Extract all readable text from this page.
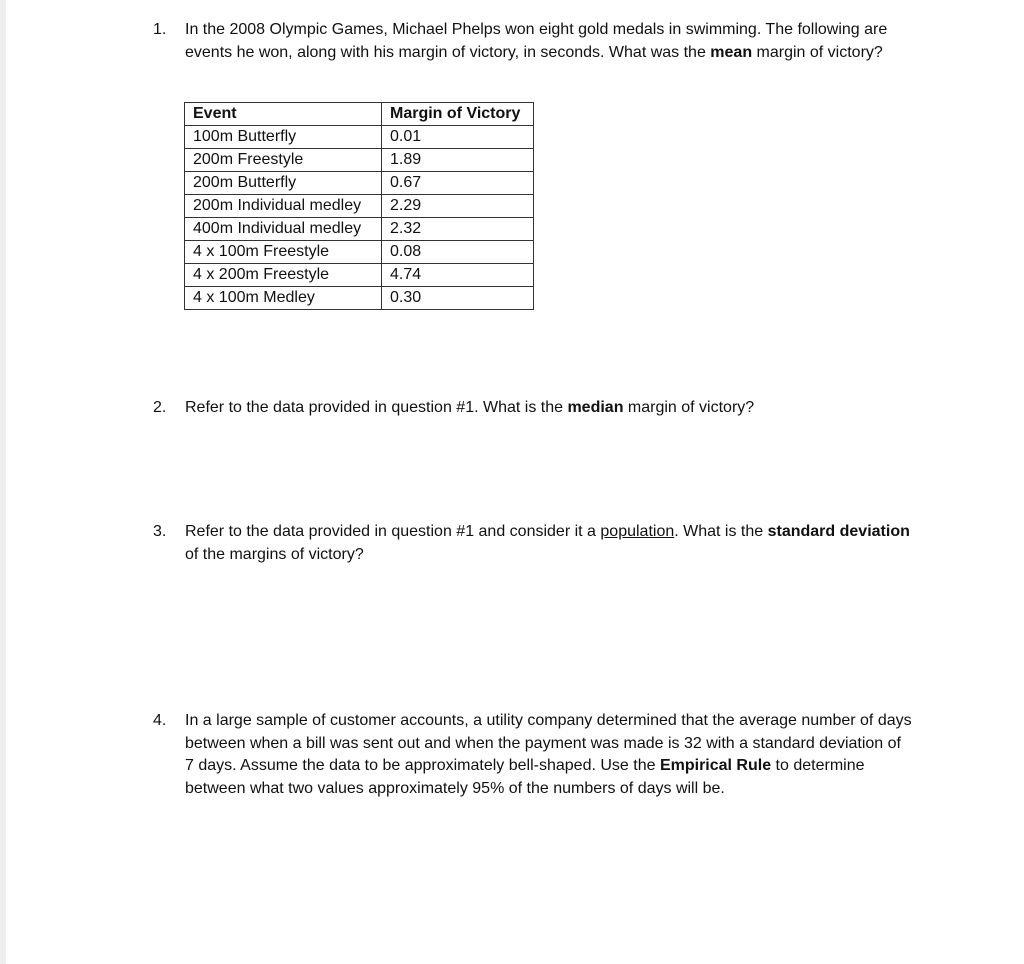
1.	In the 2008 Olympic Games, Michael Phelps won eight gold medals in swimming. The following are events he won, along with his margin of victory, in seconds. What was the mean margin of victory?
Event	Margin of Victory
100m Butterfly	0.01
200m Freestyle	1.89
200m Butterfly	0.67
200m Individual medley	2.29
400m Individual medley	2.32
4 x 100m Freestyle	0.08
4 x 200m Freestyle	4.74
4 x 100m Medley	0.30
2.	Refer to the data provided in question #1. What is the median margin of victory?
3.	Refer to the data provided in question #1 and consider it a population. What is the standard deviation of the margins of victory?
4.	In a large sample of customer accounts, a utility company determined that the average number of days between when a bill was sent out and when the payment was made is 32 with a standard deviation of 7 days. Assume the data to be approximately bell-shaped. Use the Empirical Rule to determine between what two values approximately 95% of the numbers of days will be.
